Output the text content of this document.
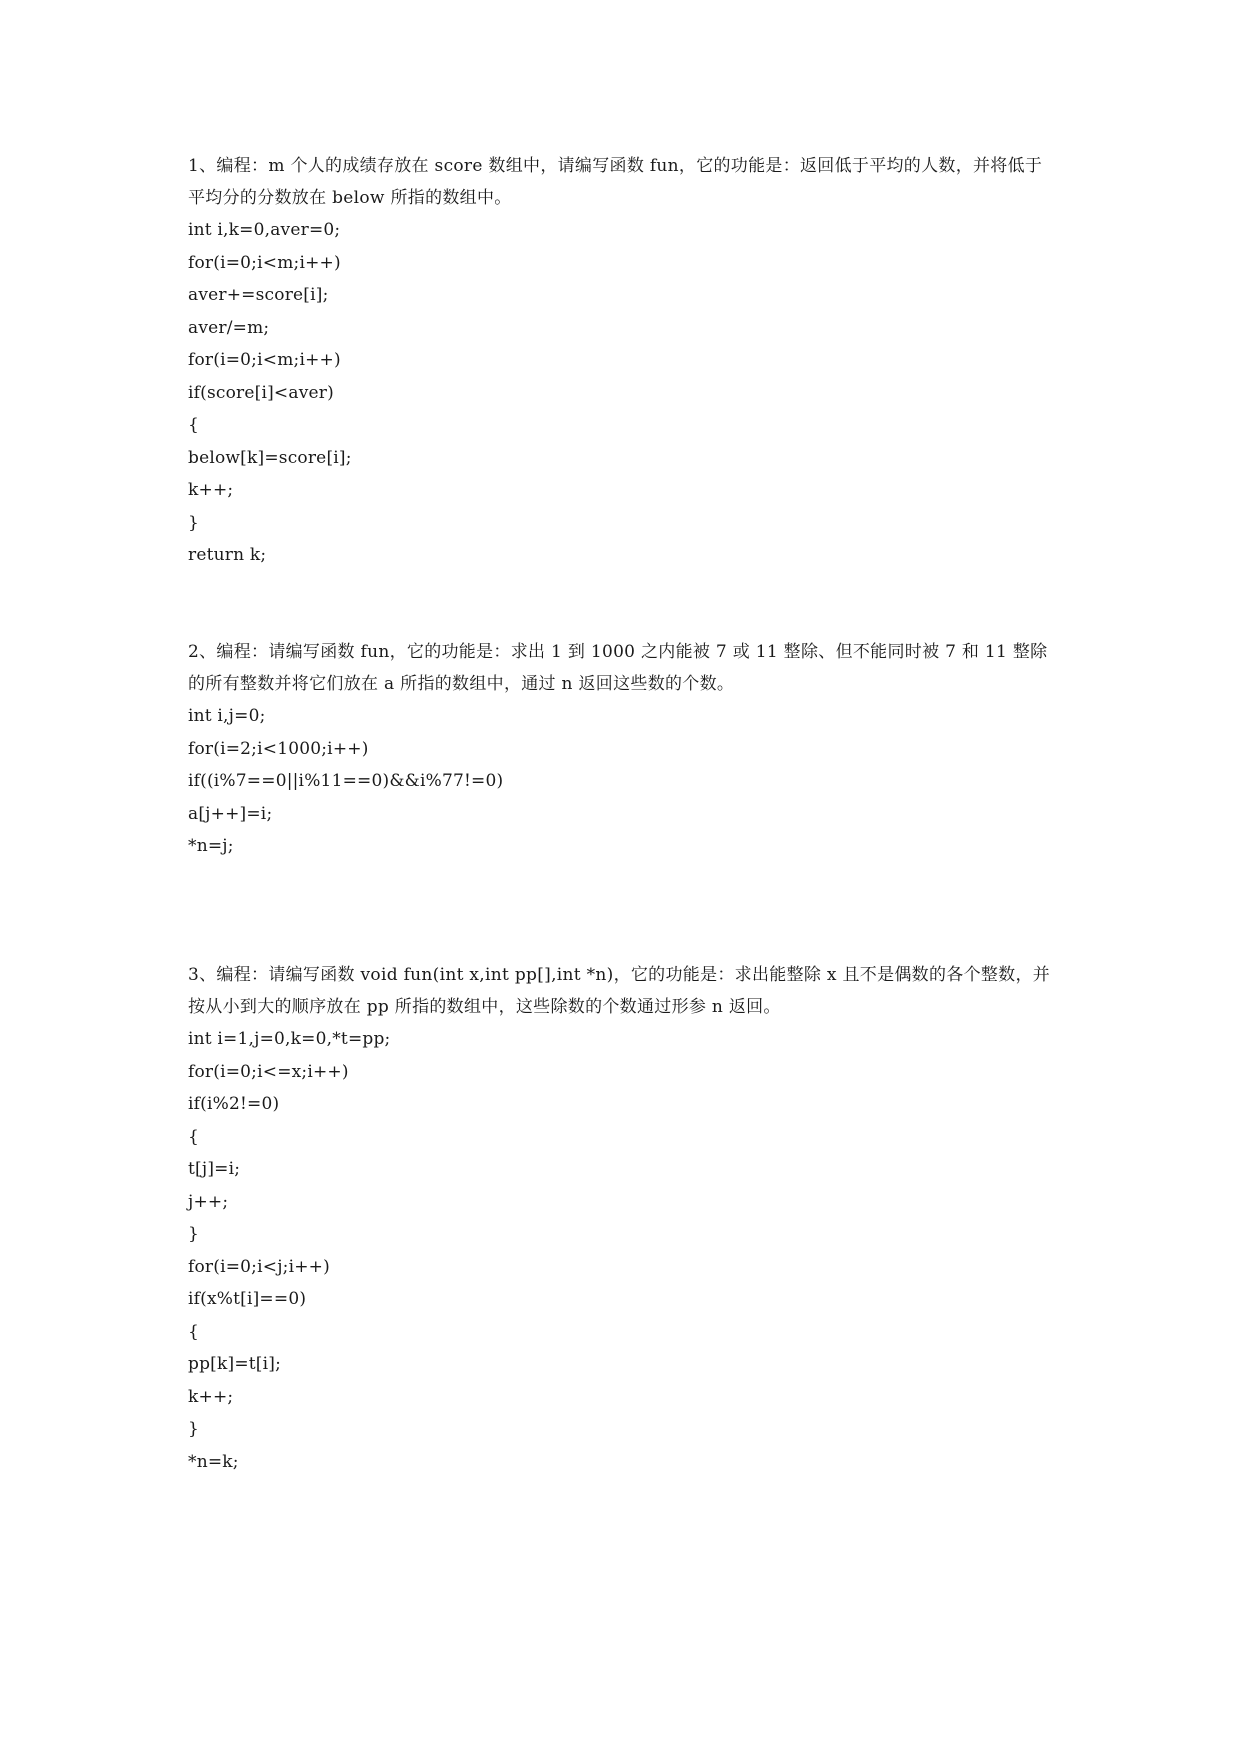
1、编程：m 个人的成绩存放在 score 数组中，请编写函数 fun，它的功能是：返回低于平均的人数，并将低于平均分的分数放在 below 所指的数组中。

int i,k=0,aver=0;
for(i=0;i<m;i++)
aver+=score[i];
aver/=m;
for(i=0;i<m;i++)
if(score[i]<aver)
{
below[k]=score[i];
k++;
}
return k;

2、编程：请编写函数 fun，它的功能是：求出 1 到 1000 之内能被 7 或 11 整除、但不能同时被 7 和 11 整除的所有整数并将它们放在 a 所指的数组中，通过 n 返回这些数的个数。

int i,j=0;
for(i=2;i<1000;i++)
if((i%7==0||i%11==0)&&i%77!=0)
a[j++]=i;
*n=j;

3、编程：请编写函数 void fun(int x,int pp[],int *n)，它的功能是：求出能整除 x 且不是偶数的各个整数，并按从小到大的顺序放在 pp 所指的数组中，这些除数的个数通过形参 n 返回。

int i=1,j=0,k=0,*t=pp;
for(i=0;i<=x;i++)
if(i%2!=0)
{
t[j]=i;
j++;
}
for(i=0;i<j;i++)
if(x%t[i]==0)
{
pp[k]=t[i];
k++;
}
*n=k;
